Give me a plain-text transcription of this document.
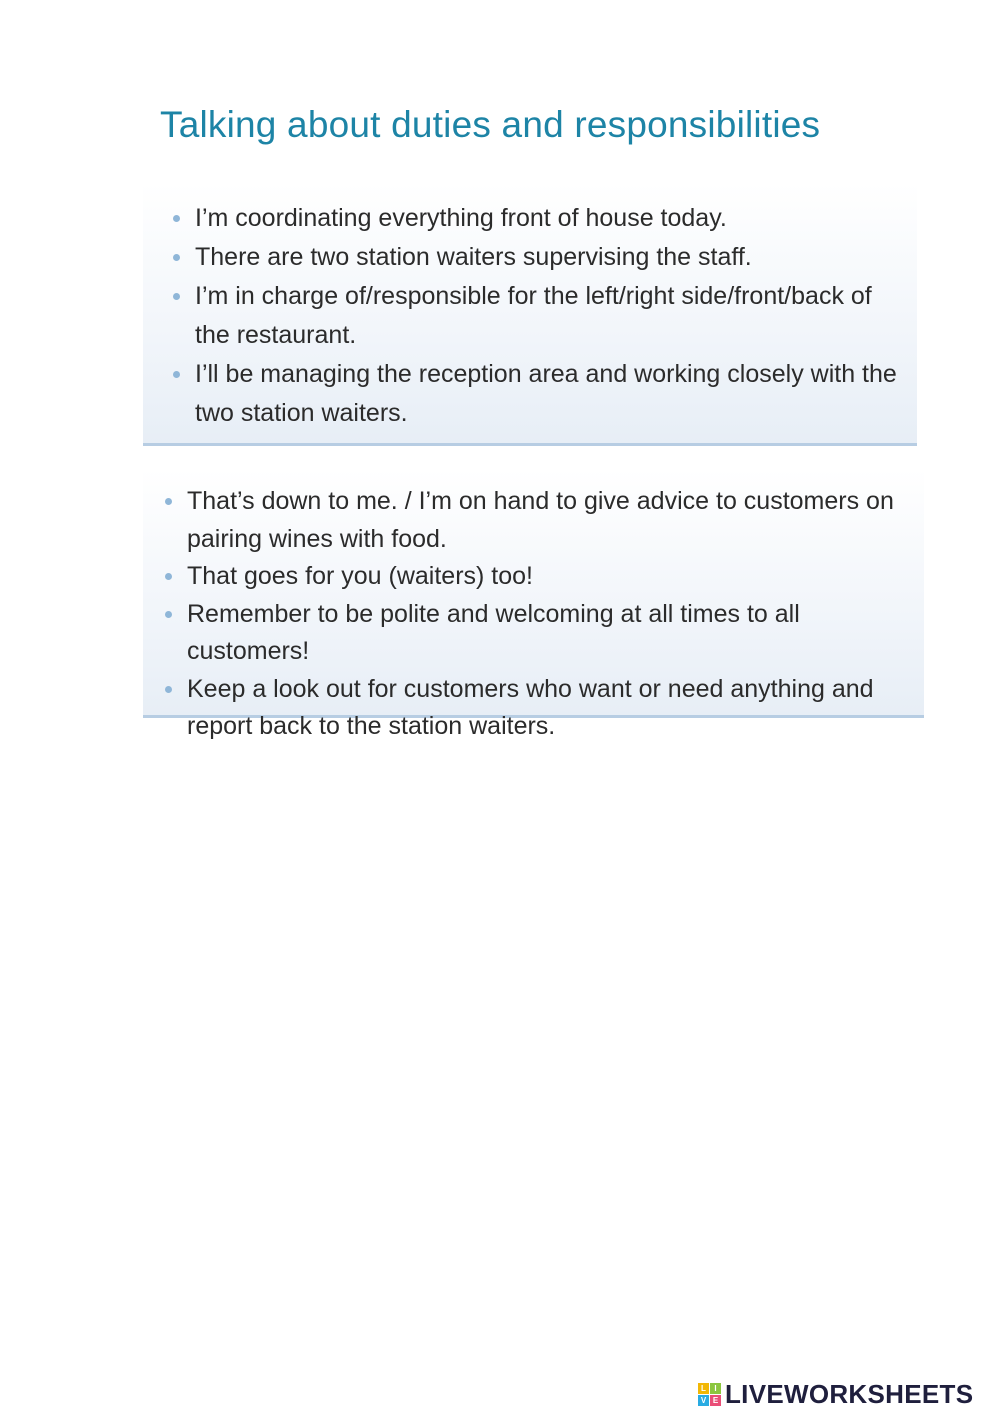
Talking about duties and responsibilities
I’m coordinating everything front of house today.
There are two station waiters supervising the staff.
I’m in charge of/responsible for the left/right side/front/back of the restaurant.
I’ll be managing the reception area and working closely with the two station waiters.
That’s down to me. / I’m on hand to give advice to customers on pairing wines with food.
That goes for you (waiters) too!
Remember to be polite and welcoming at all times to all customers!
Keep a look out for customers who want or need anything and report back to the station waiters.
L	I
V E LIVEWORKSHEETS
